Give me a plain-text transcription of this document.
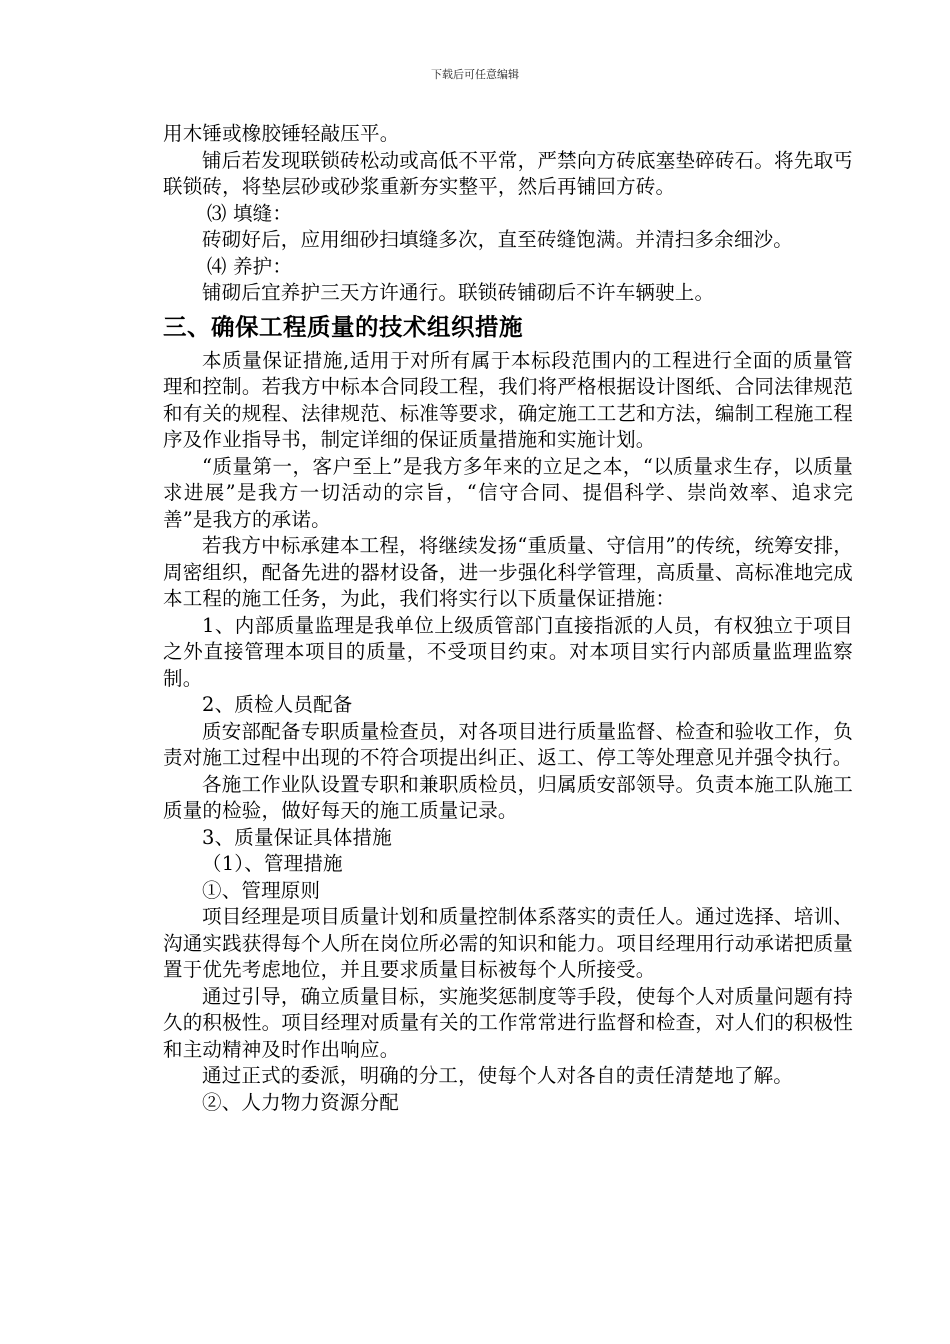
下载后可任意编辑

用木锤或橡胶锤轻敲压平。

铺后若发现联锁砖松动或高低不平常，严禁向方砖底塞垫碎砖石。将先取丐联锁砖，将垫层砂或砂浆重新夯实整平，然后再铺回方砖。

⑶ 填缝：

砖砌好后，应用细砂扫填缝多次，直至砖缝饱满。并清扫多余细沙。

⑷ 养护：

铺砌后宜养护三天方许通行。联锁砖铺砌后不许车辆驶上。

三、确保工程质量的技术组织措施

本质量保证措施,适用于对所有属于本标段范围内的工程进行全面的质量管理和控制。若我方中标本合同段工程，我们将严格根据设计图纸、合同法律规范和有关的规程、法律规范、标准等要求，确定施工工艺和方法，编制工程施工程序及作业指导书，制定详细的保证质量措施和实施计划。

“质量第一，客户至上”是我方多年来的立足之本，“以质量求生存，以质量求进展”是我方一切活动的宗旨，“信守合同、提倡科学、崇尚效率、追求完善”是我方的承诺。

若我方中标承建本工程，将继续发扬“重质量、守信用”的传统，统筹安排，周密组织，配备先进的器材设备，进一步强化科学管理，高质量、高标准地完成本工程的施工任务，为此，我们将实行以下质量保证措施：

1、内部质量监理是我单位上级质管部门直接指派的人员，有权独立于项目之外直接管理本项目的质量，不受项目约束。对本项目实行内部质量监理监察制。

2、质检人员配备

质安部配备专职质量检查员，对各项目进行质量监督、检查和验收工作，负责对施工过程中出现的不符合项提出纠正、返工、停工等处理意见并强令执行。

各施工作业队设置专职和兼职质检员，归属质安部领导。负责本施工队施工质量的检验，做好每天的施工质量记录。

3、质量保证具体措施

（1）、管理措施

①、管理原则

项目经理是项目质量计划和质量控制体系落实的责任人。通过选择、培训、沟通实践获得每个人所在岗位所必需的知识和能力。项目经理用行动承诺把质量置于优先考虑地位，并且要求质量目标被每个人所接受。

通过引导，确立质量目标，实施奖惩制度等手段，使每个人对质量问题有持久的积极性。项目经理对质量有关的工作常常进行监督和检查，对人们的积极性和主动精神及时作出响应。

通过正式的委派，明确的分工，使每个人对各自的责任清楚地了解。

②、人力物力资源分配
